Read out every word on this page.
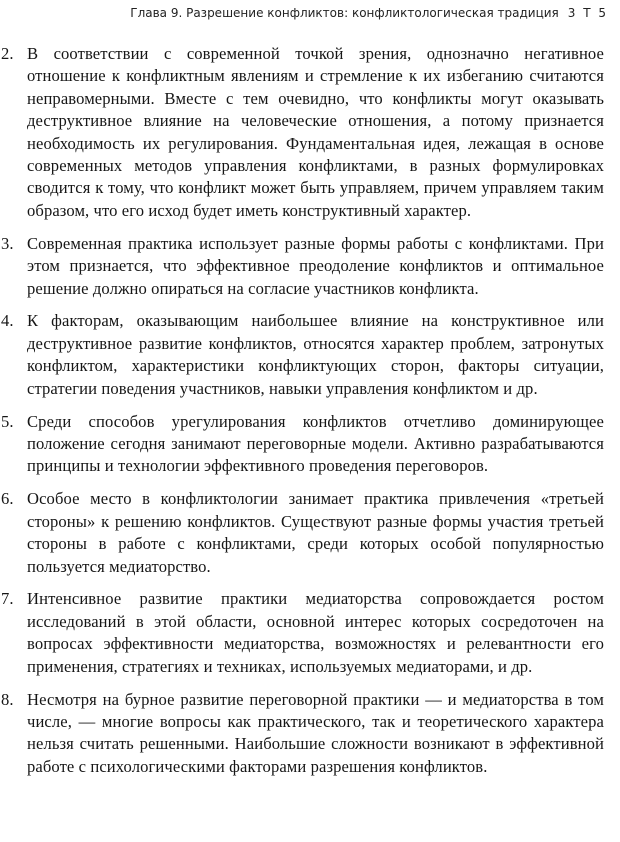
Глава 9. Разрешение конфликтов: конфликтологическая традиция 3 Т 5
2. В соответствии с современной точкой зрения, однозначно негативное отношение к конфликтным явлениям и стремление к их избеганию считаются неправомерными. Вместе с тем очевидно, что конфликты могут оказывать деструктивное влияние на человеческие отношения, а потому признается необходимость их регулирования. Фундаментальная идея, лежащая в основе современных методов управления конфликтами, в разных формулировках сводится к тому, что конфликт может быть управляем, причем управляем таким образом, что его исход будет иметь конструктивный характер.
3. Современная практика использует разные формы работы с конфликтами. При этом признается, что эффективное преодоление конфликтов и оптимальное решение должно опираться на согласие участников конфликта.
4. К факторам, оказывающим наибольшее влияние на конструктивное или деструктивное развитие конфликтов, относятся характер проблем, затронутых конфликтом, характеристики конфликтующих сторон, факторы ситуации, стратегии поведения участников, навыки управления конфликтом и др.
5. Среди способов урегулирования конфликтов отчетливо доминирующее положение сегодня занимают переговорные модели. Активно разрабатываются принципы и технологии эффективного проведения переговоров.
6. Особое место в конфликтологии занимает практика привлечения «третьей стороны» к решению конфликтов. Существуют разные формы участия третьей стороны в работе с конфликтами, среди которых особой популярностью пользуется медиаторство.
7. Интенсивное развитие практики медиаторства сопровождается ростом исследований в этой области, основной интерес которых сосредоточен на вопросах эффективности медиаторства, возможностях и релевантности его применения, стратегиях и техниках, используемых медиаторами, и др.
8. Несмотря на бурное развитие переговорной практики — и медиаторства в том числе, — многие вопросы как практического, так и теоретического характера нельзя считать решенными. Наибольшие сложности возникают в эффективной работе с психологическими факторами разрешения конфликтов.
